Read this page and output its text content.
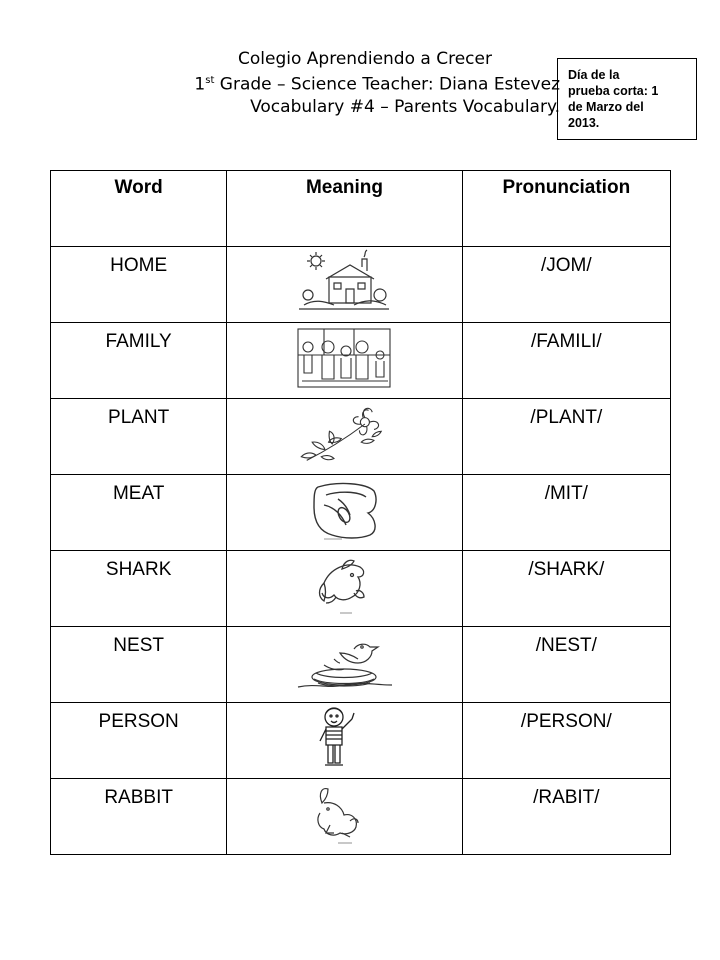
Colegio Aprendiendo a Crecer
1st Grade – Science Teacher: Diana Estevez
Vocabulary #4 – Parents Vocabulary.
Día de la
prueba corta: 1
de Marzo del
2013.
Word	Meaning	Pronunciation
HOME		/JOM/
FAMILY		/FAMILI/
PLANT		/PLANT/
MEAT		/MIT/
SHARK		/SHARK/
NEST		/NEST/
PERSON		/PERSON/
RABBIT		/RABIT/
